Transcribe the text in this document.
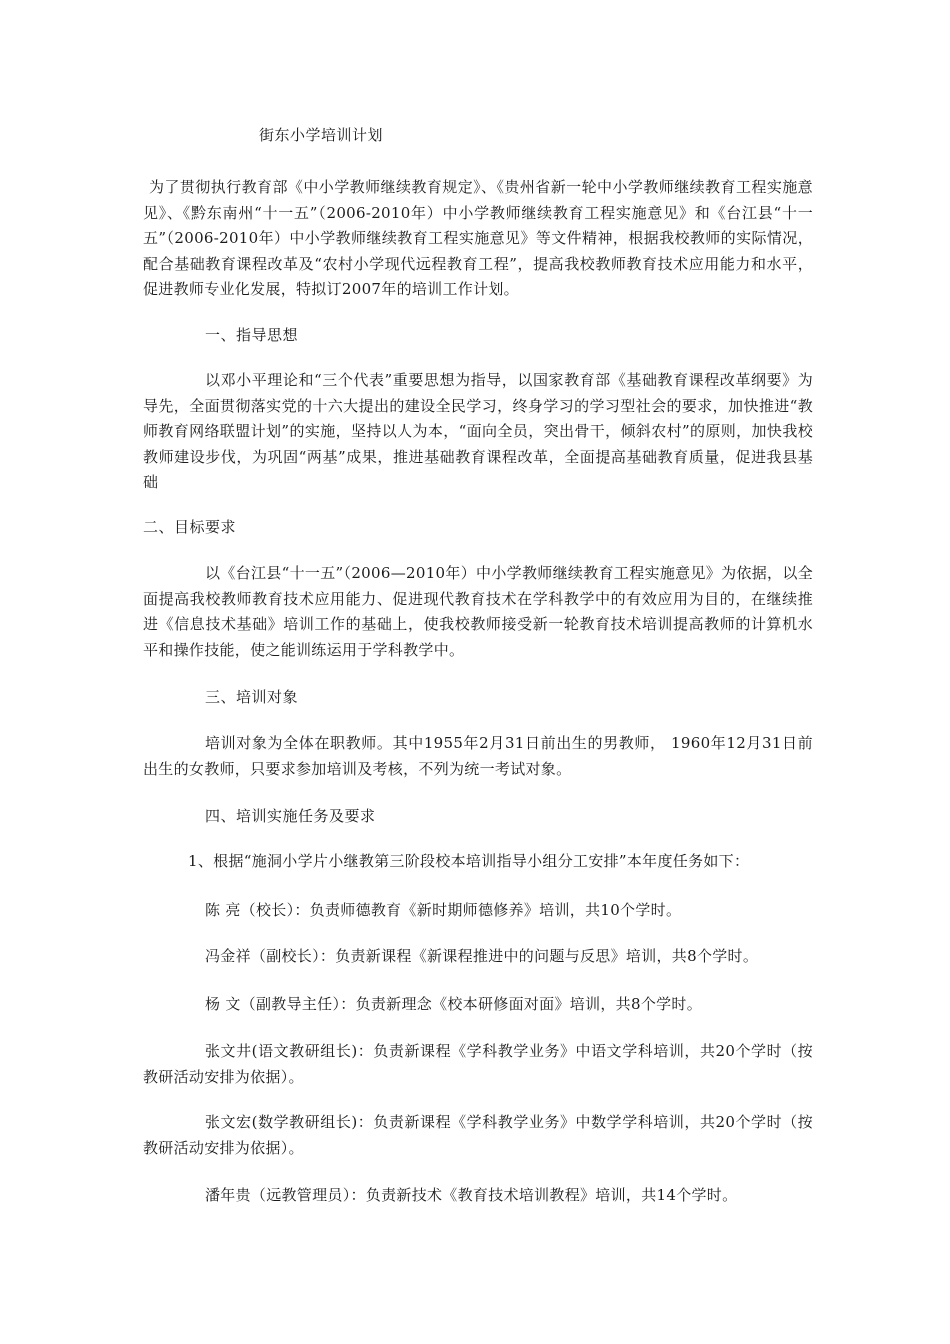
街东小学培训计划
为了贯彻执行教育部《中小学教师继续教育规定》、《贵州省新一轮中小学教师继续教育工程实施意见》、《黔东南州“十一五”（2006-2010年）中小学教师继续教育工程实施意见》和《台江县“十一五”（2006-2010年）中小学教师继续教育工程实施意见》等文件精神，根据我校教师的实际情况，配合基础教育课程改革及“农村小学现代远程教育工程”，提高我校教师教育技术应用能力和水平，促进教师专业化发展，特拟订2007年的培训工作计划。
一、指导思想
以邓小平理论和“三个代表”重要思想为指导，以国家教育部《基础教育课程改革纲要》为导先，全面贯彻落实党的十六大提出的建设全民学习，终身学习的学习型社会的要求，加快推进“教师教育网络联盟计划”的实施，坚持以人为本，“面向全员，突出骨干，倾斜农村”的原则，加快我校教师建设步伐，为巩固“两基”成果，推进基础教育课程改革，全面提高基础教育质量，促进我县基础
二、目标要求
以《台江县“十一五”（2006—2010年）中小学教师继续教育工程实施意见》为依据，以全面提高我校教师教育技术应用能力、促进现代教育技术在学科教学中的有效应用为目的，在继续推进《信息技术基础》培训工作的基础上，使我校教师接受新一轮教育技术培训提高教师的计算机水平和操作技能，使之能训练运用于学科教学中。
三、培训对象
培训对象为全体在职教师。其中1955年2月31日前出生的男教师， 1960年12月31日前出生的女教师，只要求参加培训及考核，不列为统一考试对象。
四、培训实施任务及要求
1、根据“施洞小学片小继教第三阶段校本培训指导小组分工安排”本年度任务如下：
陈 亮（校长）：负责师德教育《新时期师德修养》培训，共10个学时。
冯金祥（副校长）：负责新课程《新课程推进中的问题与反思》培训，共8个学时。
杨 文（副教导主任）：负责新理念《校本研修面对面》培训，共8个学时。
张文井(语文教研组长)：负责新课程《学科教学业务》中语文学科培训，共20个学时（按教研活动安排为依据）。
张文宏(数学教研组长)：负责新课程《学科教学业务》中数学学科培训，共20个学时（按教研活动安排为依据）。
潘年贵（远教管理员）：负责新技术《教育技术培训教程》培训，共14个学时。
